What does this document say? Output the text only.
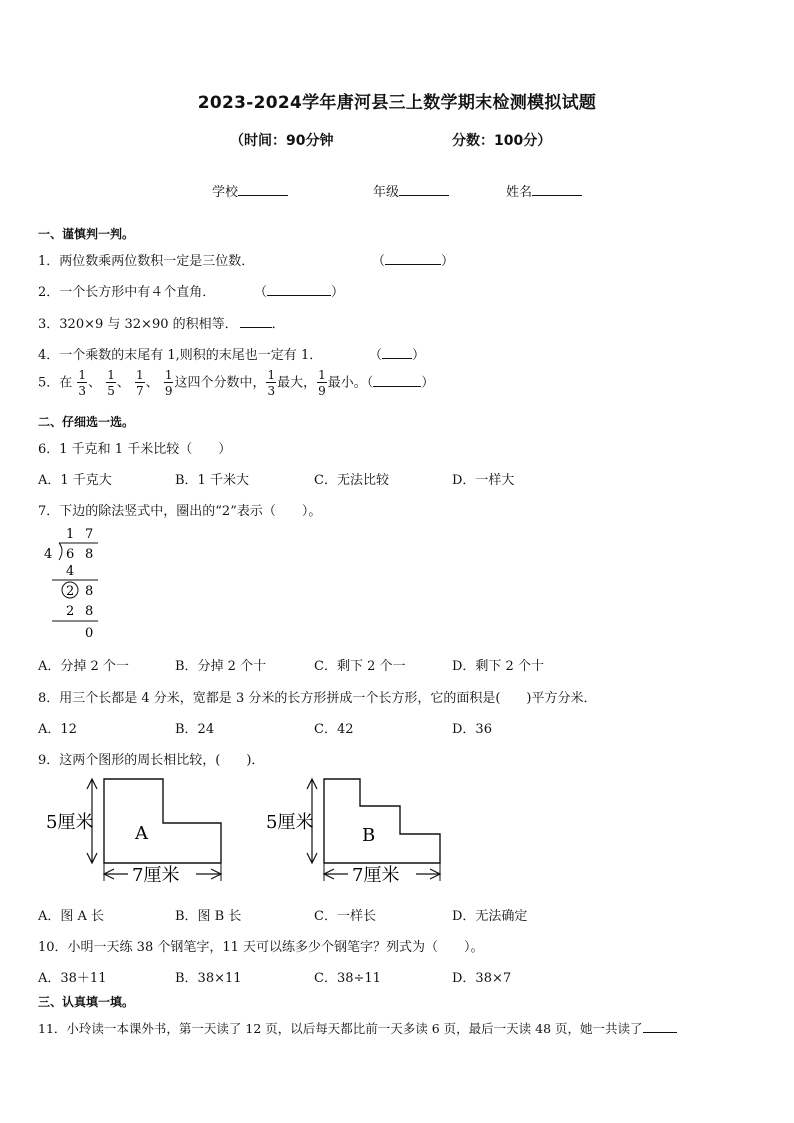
2023-2024学年唐河县三上数学期末检测模拟试题
（时间：90分钟	分数：100分）
学校	年级	姓名
一、谨慎判一判。
1．两位数乘两位数积一定是三位数．	（	）
2．一个长方形中有４个直角．	（	）
3．320×9 与 32×90 的积相等．	．
4．一个乘数的末尾有 1,则积的末尾也一定有 1．	（ ）
5．在 $\frac{1}{3}$ 、 $\frac{1}{5}$ 、 $\frac{1}{7}$ 、 $\frac{1}{9}$ 这四个分数中， $\frac{1}{3}$ 最大， $\frac{1}{9}$ 最小。（	）
二、仔细选一选。
6．1 千克和 1 千米比较（　　）
A．1 千克大	B．1 千米大	C．无法比较	D．一样大
7．下边的除法竖式中，圈出的“2”表示（　　）。
1 7
4 6 8
4
2 8
2 8
0
A．分掉 2 个一	B．分掉 2 个十	C．剩下 2 个一	D．剩下 2 个十
8．用三个长都是 4 分米，宽都是 3 分米的长方形拼成一个长方形，它的面积是(　　)平方分米．
A．12	B．24	C．42	D．36
9．这两个图形的周长相比较，(　　)．
5厘米
7厘米
A
5厘米
7厘米
B
A．图 A 长	B．图 B 长	C．一样长	D．无法确定
10．小明一天练 38 个钢笔字，11 天可以练多少个钢笔字？列式为（　　）。
A．38＋11	B．38×11	C．38÷11	D．38×7
三、认真填一填。
11．小玲读一本课外书，第一天读了 12 页，以后每天都比前一天多读 6 页，最后一天读 48 页，她一共读了
